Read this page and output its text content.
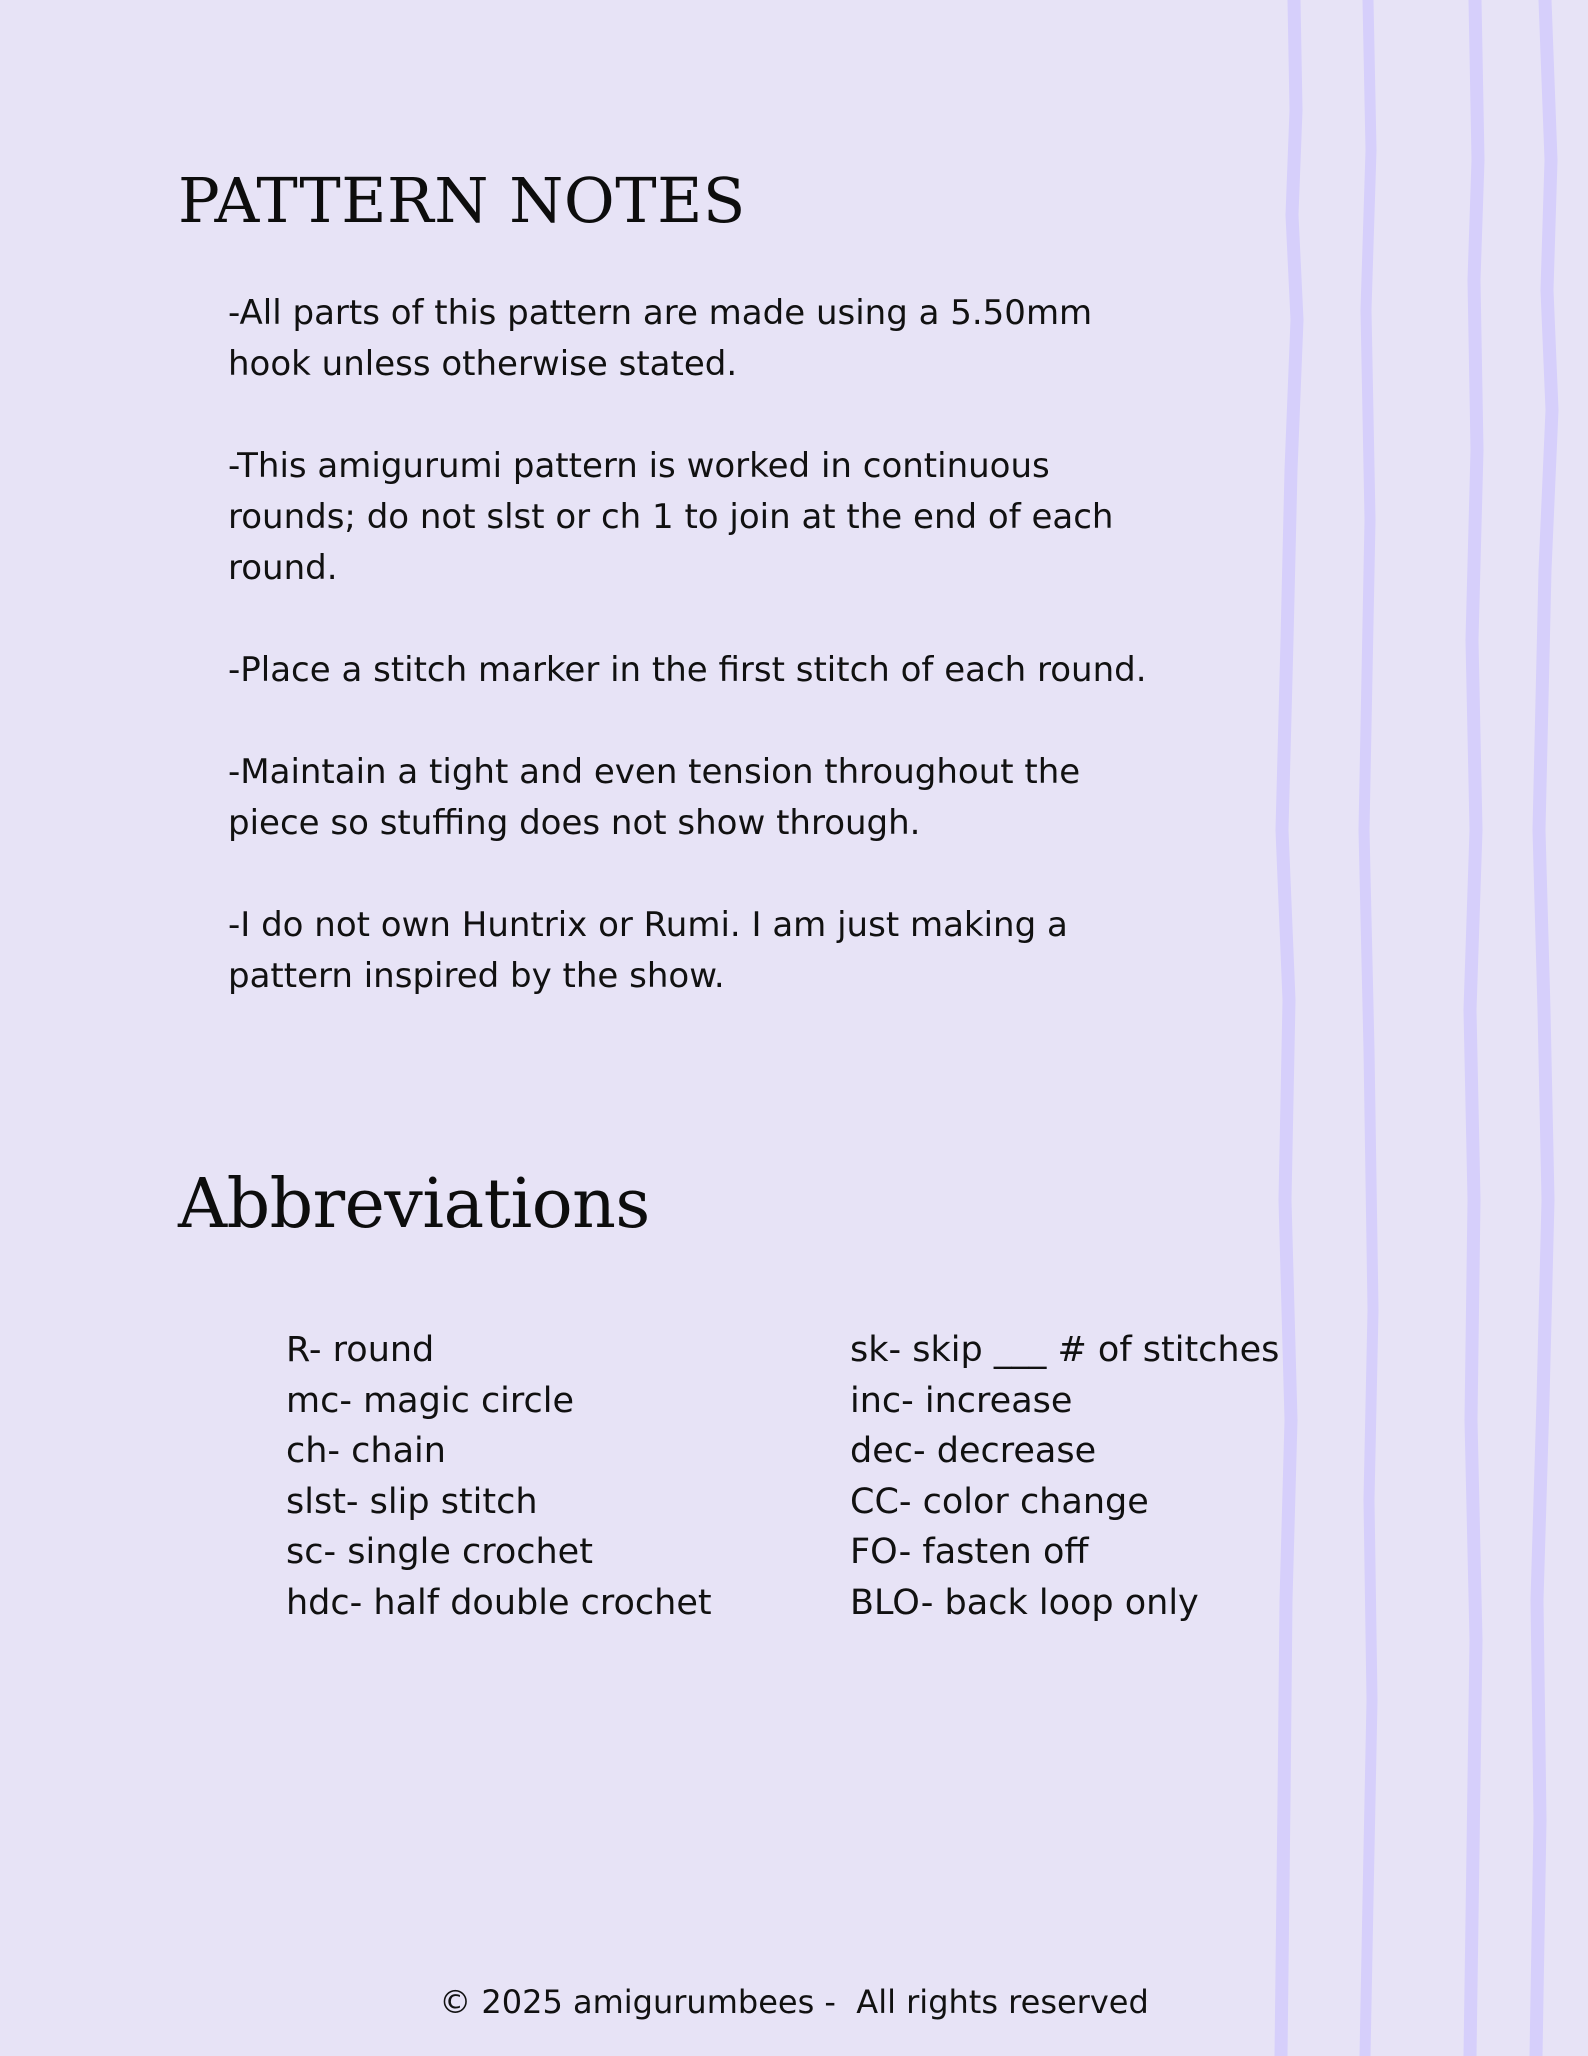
PATTERN NOTES

-All parts of this pattern are made using a 5.50mm
hook unless otherwise stated.

-This amigurumi pattern is worked in continuous
rounds; do not slst or ch 1 to join at the end of each
round.

-Place a stitch marker in the first stitch of each round.

-Maintain a tight and even tension throughout the
piece so stuffing does not show through.

-I do not own Huntrix or Rumi. I am just making a
pattern inspired by the show.

Abbreviations
R- round
mc- magic circle
ch- chain
slst- slip stitch
sc- single crochet
hdc- half double crochet
sk- skip ___ # of stitches
inc- increase
dec- decrease
CC- color change
FO- fasten off
BLO- back loop only
© 2025 amigurumbees -  All rights reserved
